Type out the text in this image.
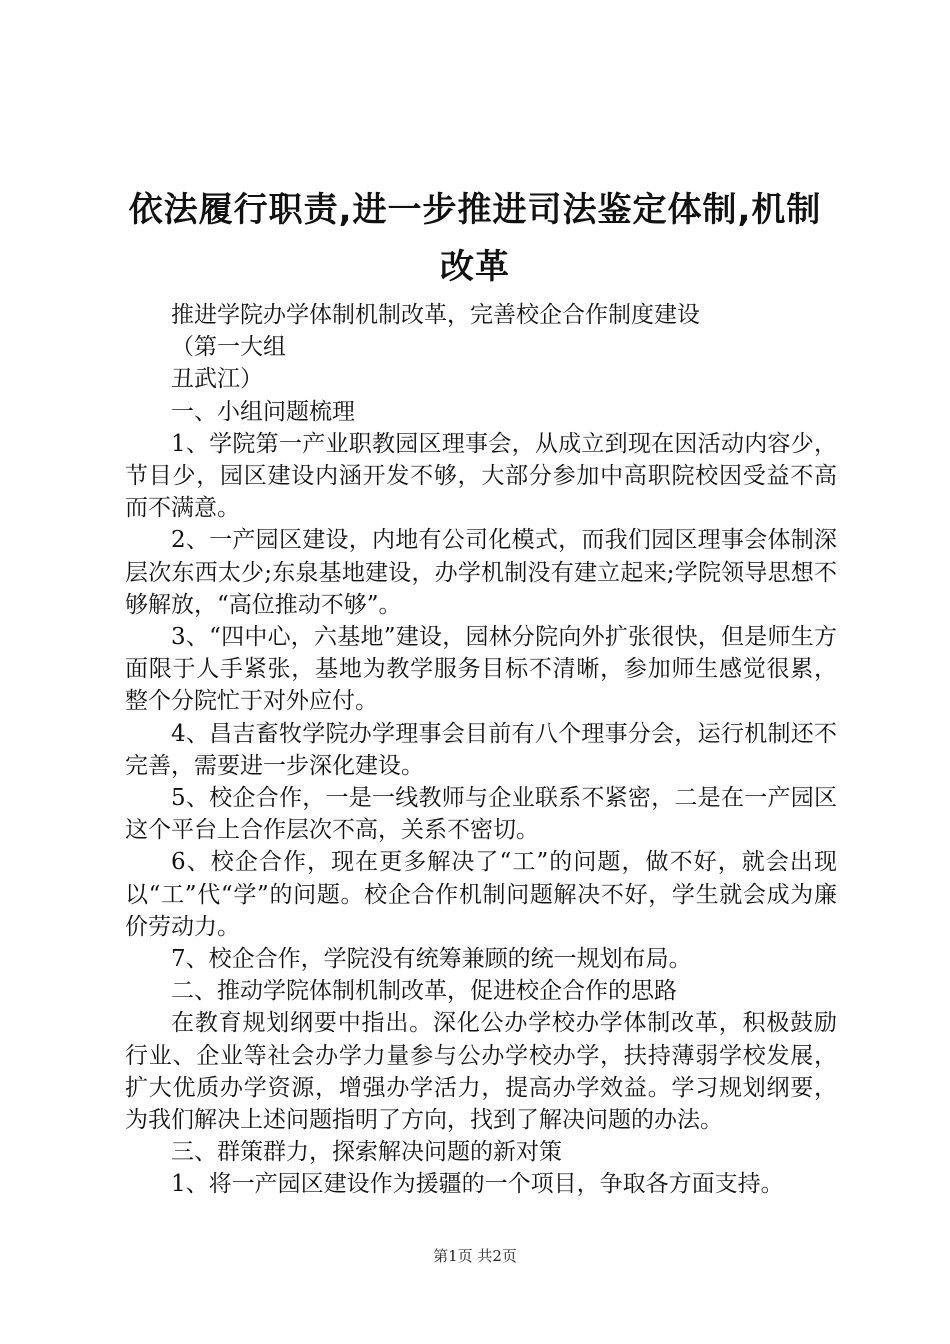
依法履行职责,进一步推进司法鉴定体制,机制
改革

推进学院办学体制机制改革，完善校企合作制度建设

（第一大组

丑武江）

一、小组问题梳理

1、学院第一产业职教园区理事会，从成立到现在因活动内容少，节目少，园区建设内涵开发不够，大部分参加中高职院校因受益不高而不满意。

2、一产园区建设，内地有公司化模式，而我们园区理事会体制深层次东西太少;东泉基地建设，办学机制没有建立起来;学院领导思想不够解放，“高位推动不够”。

3、“四中心，六基地”建设，园林分院向外扩张很快，但是师生方面限于人手紧张，基地为教学服务目标不清晰，参加师生感觉很累，整个分院忙于对外应付。

4、昌吉畜牧学院办学理事会目前有八个理事分会，运行机制还不完善，需要进一步深化建设。

5、校企合作，一是一线教师与企业联系不紧密，二是在一产园区这个平台上合作层次不高，关系不密切。

6、校企合作，现在更多解决了“工”的问题，做不好，就会出现以“工”代“学”的问题。校企合作机制问题解决不好，学生就会成为廉价劳动力。

7、校企合作，学院没有统筹兼顾的统一规划布局。

二、推动学院体制机制改革，促进校企合作的思路

在教育规划纲要中指出。深化公办学校办学体制改革，积极鼓励行业、企业等社会办学力量参与公办学校办学，扶持薄弱学校发展，扩大优质办学资源，增强办学活力，提高办学效益。学习规划纲要，为我们解决上述问题指明了方向，找到了解决问题的办法。

三、群策群力，探索解决问题的新对策

1、将一产园区建设作为援疆的一个项目，争取各方面支持。

第1页 共2页
